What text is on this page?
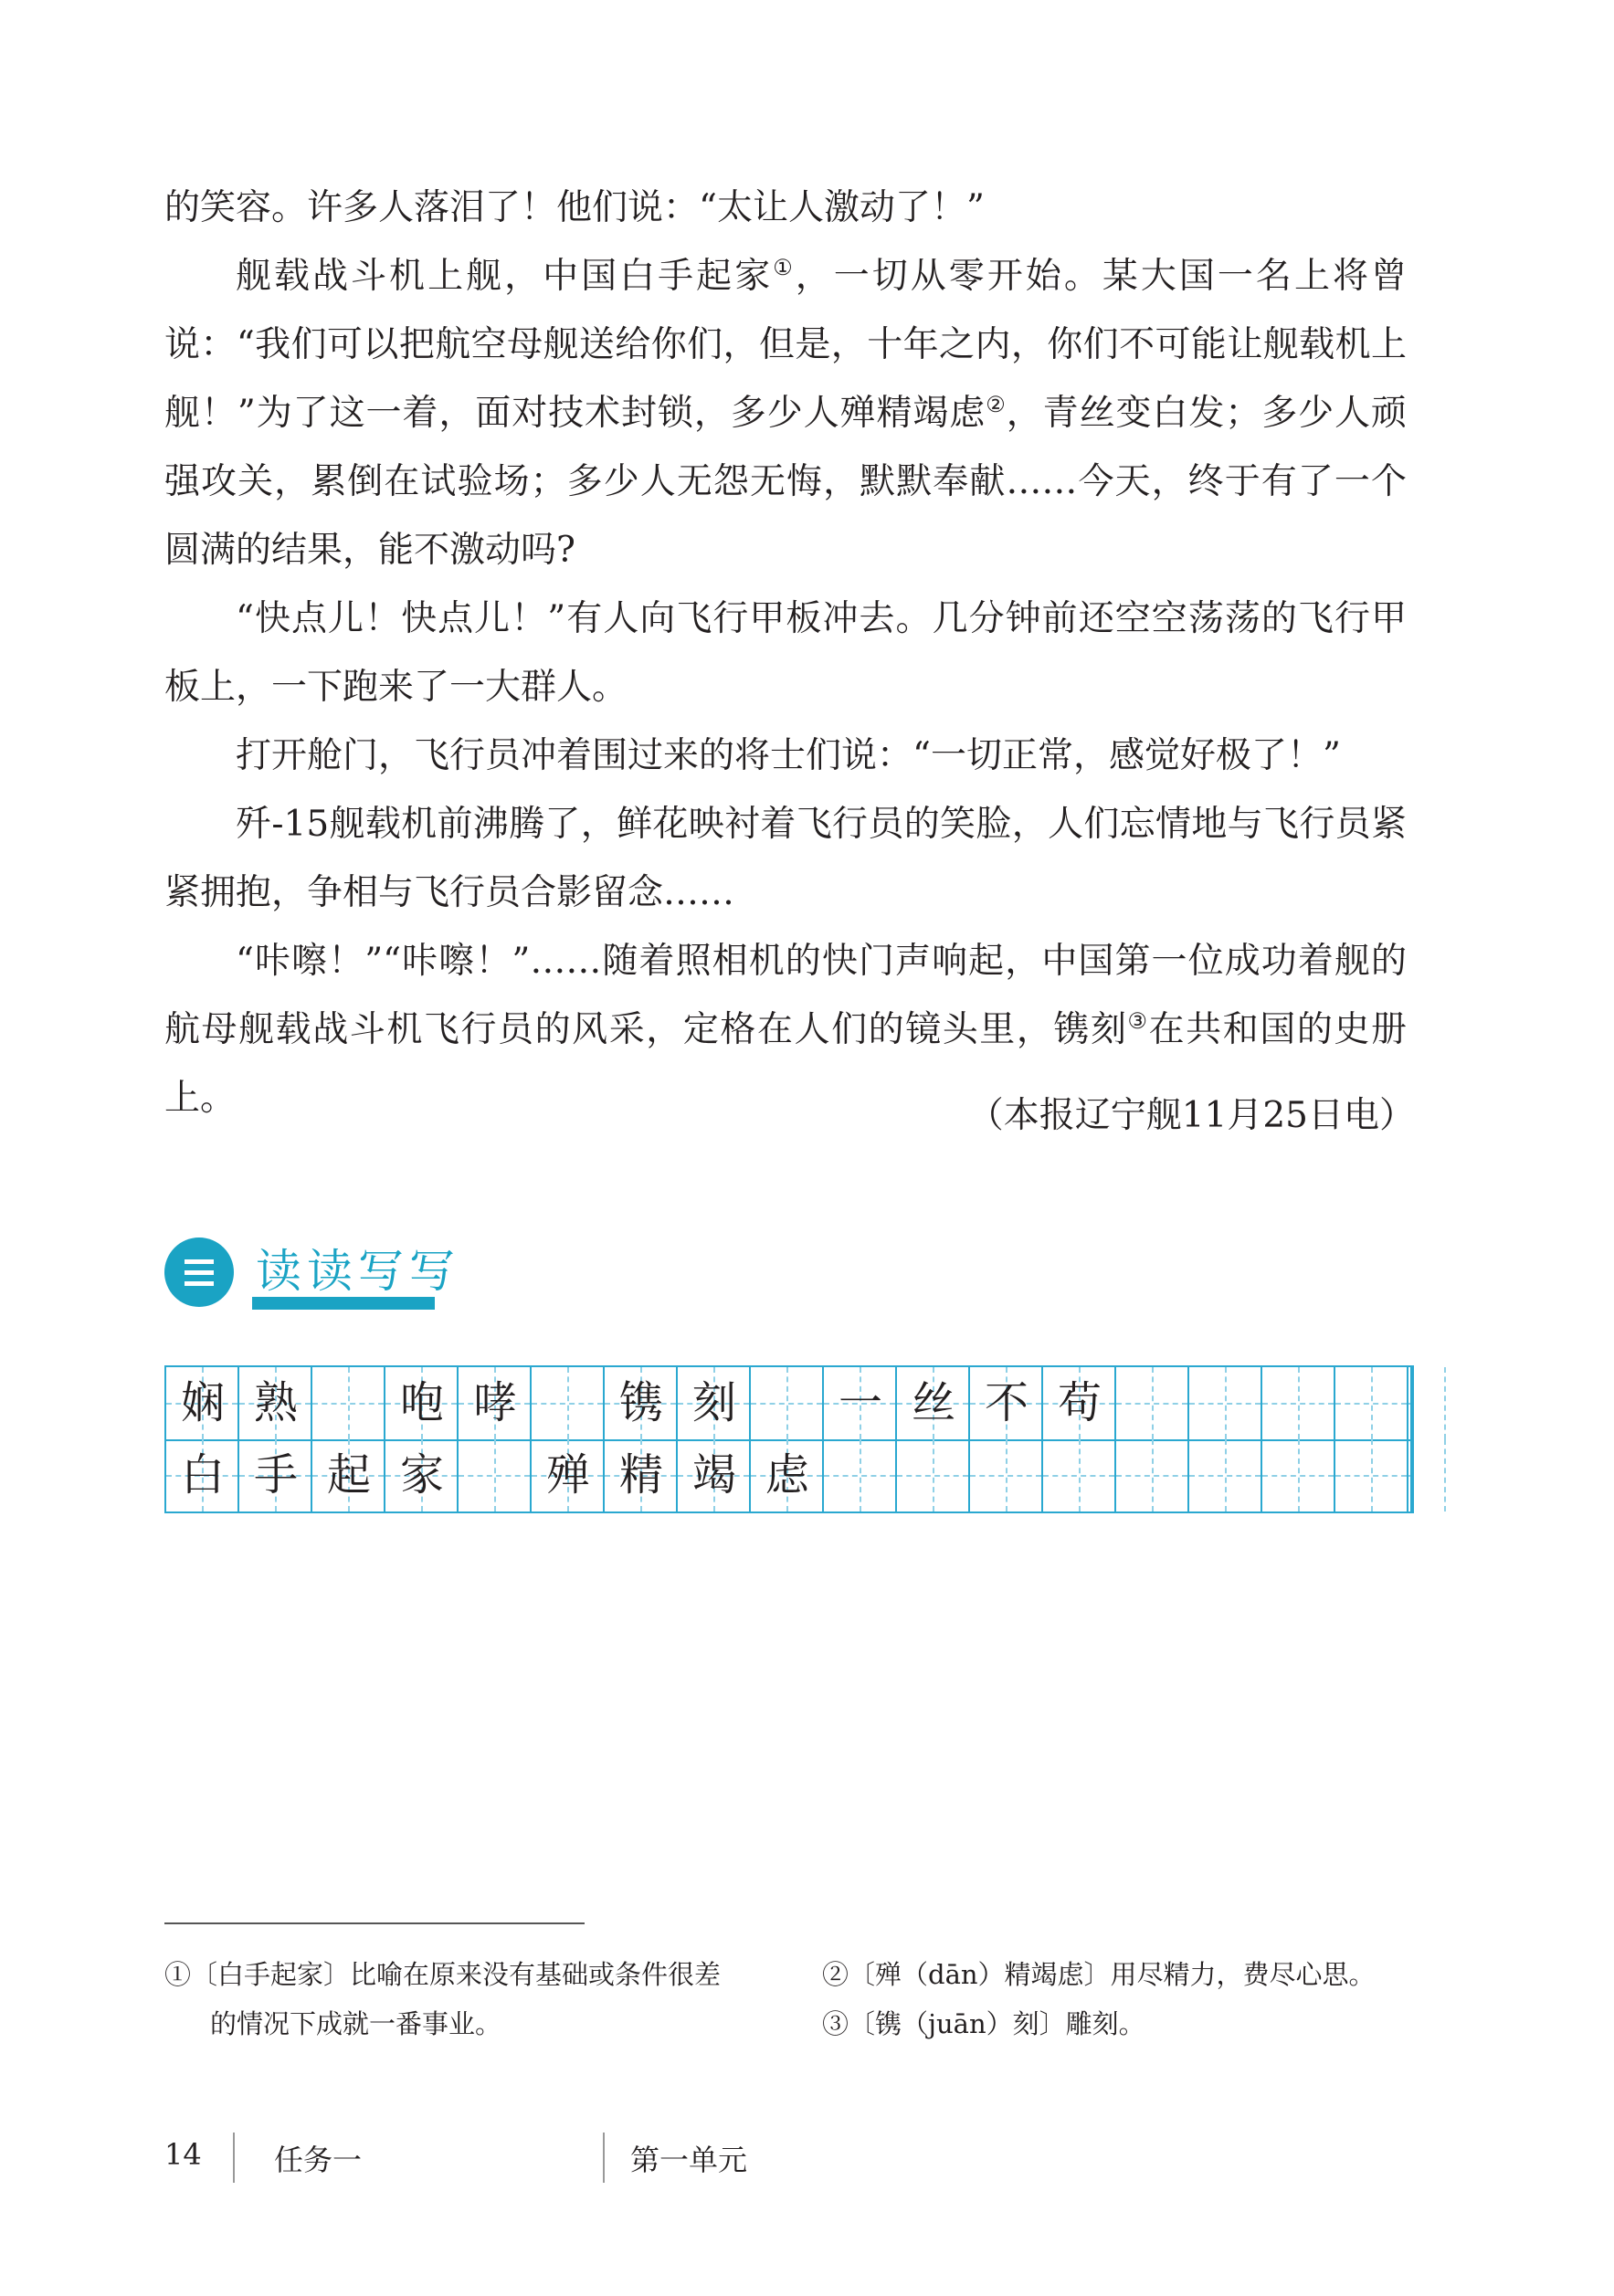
的笑容。许多人落泪了！他们说：“太让人激动了！”

舰载战斗机上舰，中国白手起家①，一切从零开始。某大国一名上将曾说：“我们可以把航空母舰送给你们，但是，十年之内，你们不可能让舰载机上舰！”为了这一着，面对技术封锁，多少人殚精竭虑②，青丝变白发；多少人顽强攻关，累倒在试验场；多少人无怨无悔，默默奉献……今天，终于有了一个圆满的结果，能不激动吗?

“快点儿！快点儿！”有人向飞行甲板冲去。几分钟前还空空荡荡的飞行甲板上，一下跑来了一大群人。

打开舱门，飞行员冲着围过来的将士们说：“一切正常，感觉好极了！”

歼-15舰载机前沸腾了，鲜花映衬着飞行员的笑脸，人们忘情地与飞行员紧紧拥抱，争相与飞行员合影留念……

“咔嚓！”“咔嚓！”……随着照相机的快门声响起，中国第一位成功着舰的航母舰载战斗机飞行员的风采，定格在人们的镜头里，镌刻③在共和国的史册上。	（本报辽宁舰11月25日电）
读读写写
娴 熟	咆 哮	镌 刻	一 丝 不 苟
白 手 起 家	殚 精 竭 虑
①〔白手起家〕比喻在原来没有基础或条件很差
的情况下成就一番事业。
②〔殚（dān）精竭虑〕用尽精力，费尽心思。
③〔镌（juān）刻〕雕刻。
14 任务一	第一单元
